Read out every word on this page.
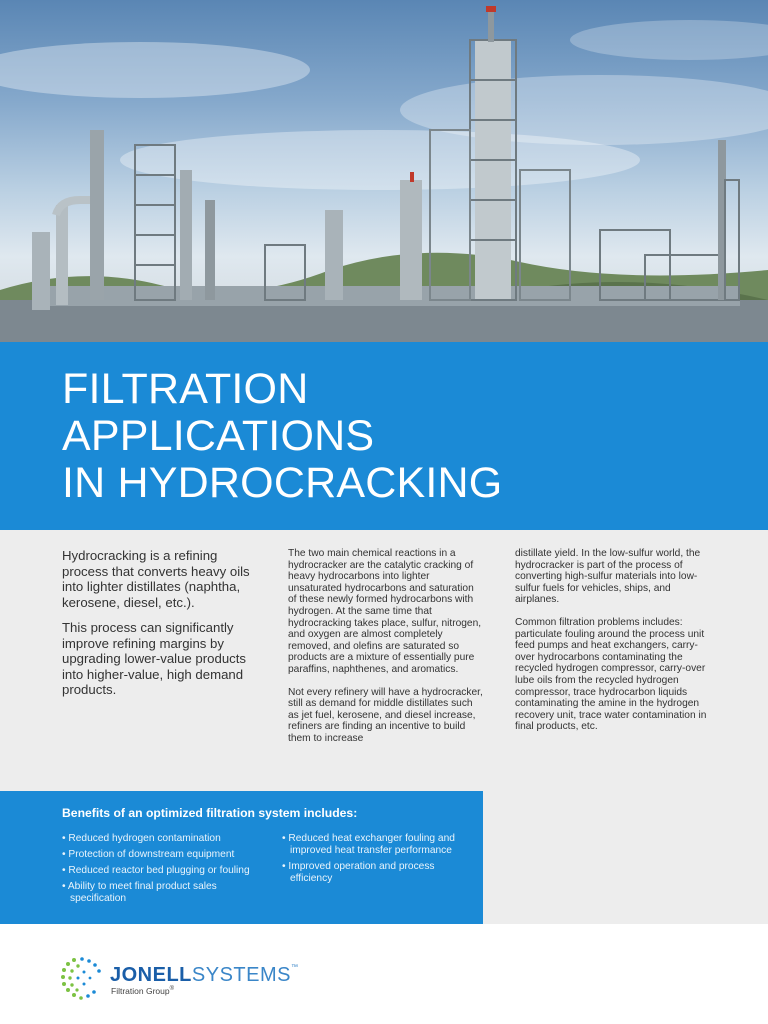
FILTRATION
APPLICATIONS
IN HYDROCRACKING

Hydrocracking is a refining process that converts heavy oils into lighter distillates (naphtha, kerosene, diesel, etc.).

This process can significantly improve refining margins by upgrading lower-value products into higher-value, high demand products.

The two main chemical reactions in a hydrocracker are the catalytic cracking of heavy hydrocarbons into lighter unsaturated hydrocarbons and saturation of these newly formed hydrocarbons with hydrogen. At the same time that hydrocracking takes place, sulfur, nitrogen, and oxygen are almost completely removed, and olefins are saturated so products are a mixture of essentially pure paraffins, naphthenes, and aromatics.

Not every refinery will have a hydrocracker, still as demand for middle distillates such as jet fuel, kerosene, and diesel increase, refiners are finding an incentive to build them to increase

distillate yield. In the low-sulfur world, the hydrocracker is part of the process of converting high-sulfur materials into low-sulfur fuels for vehicles, ships, and airplanes.

Common filtration problems includes: particulate fouling around the process unit feed pumps and heat exchangers, carry-over hydrocarbons contaminating the recycled hydrogen compressor, carry-over lube oils from the recycled hydrogen compressor, trace hydrocarbon liquids contaminating the amine in the hydrogen recovery unit, trace water contamination in final products, etc.

Benefits of an optimized filtration system includes:
• Reduced hydrogen contamination
• Protection of downstream equipment
• Reduced reactor bed plugging or fouling
• Ability to meet final product sales specification
• Reduced heat exchanger fouling and improved heat transfer performance
• Improved operation and process efficiency
JONELLSYSTEMS™
Filtration Group®
